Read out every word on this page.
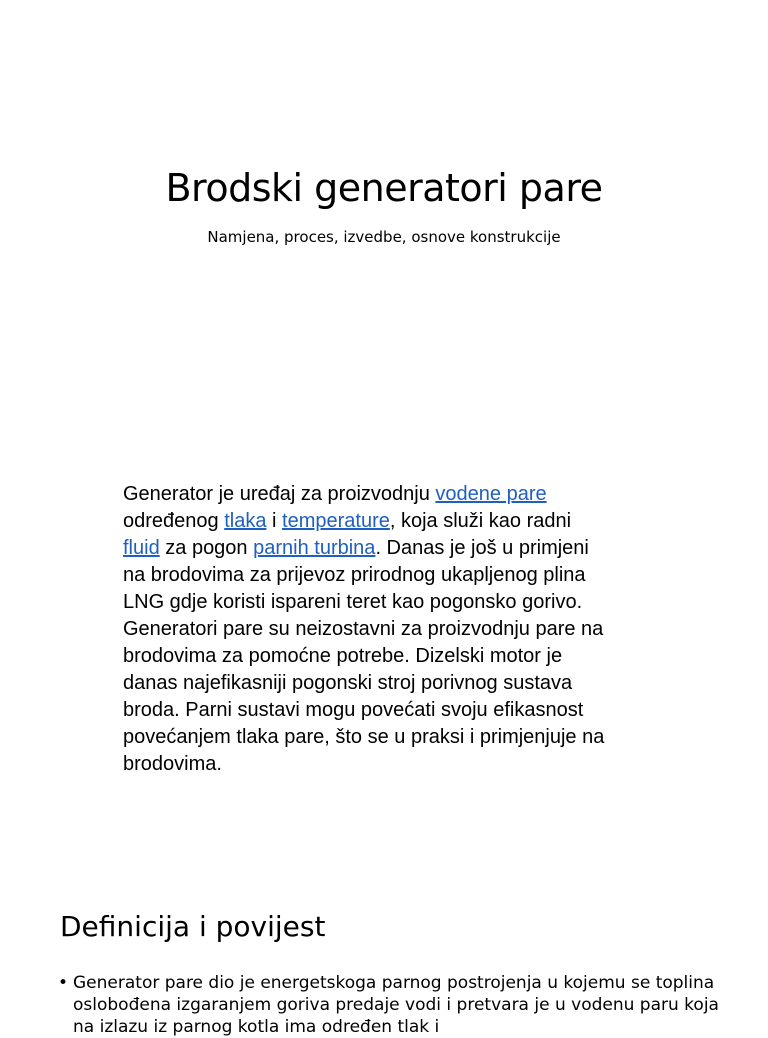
Brodski generatori pare

Namjena, proces, izvedbe, osnove konstrukcije

Generator je uređaj za proizvodnju vodene pare određenog tlaka i temperature, koja služi kao radni fluid za pogon parnih turbina. Danas je još u primjeni na brodovima za prijevoz prirodnog ukapljenog plina LNG gdje koristi ispareni teret kao pogonsko gorivo. Generatori pare su neizostavni za proizvodnju pare na brodovima za pomoćne potrebe. Dizelski motor je danas najefikasniji pogonski stroj porivnog sustava broda. Parni sustavi mogu povećati svoju efikasnost povećanjem tlaka pare, što se u praksi i primjenjuje na brodovima.

Definicija i povijest
• Generator pare dio je energetskoga parnog postrojenja u kojemu se toplina oslobođena izgaranjem goriva predaje vodi i pretvara je u vodenu paru koja na izlazu iz parnog kotla ima određen tlak i
